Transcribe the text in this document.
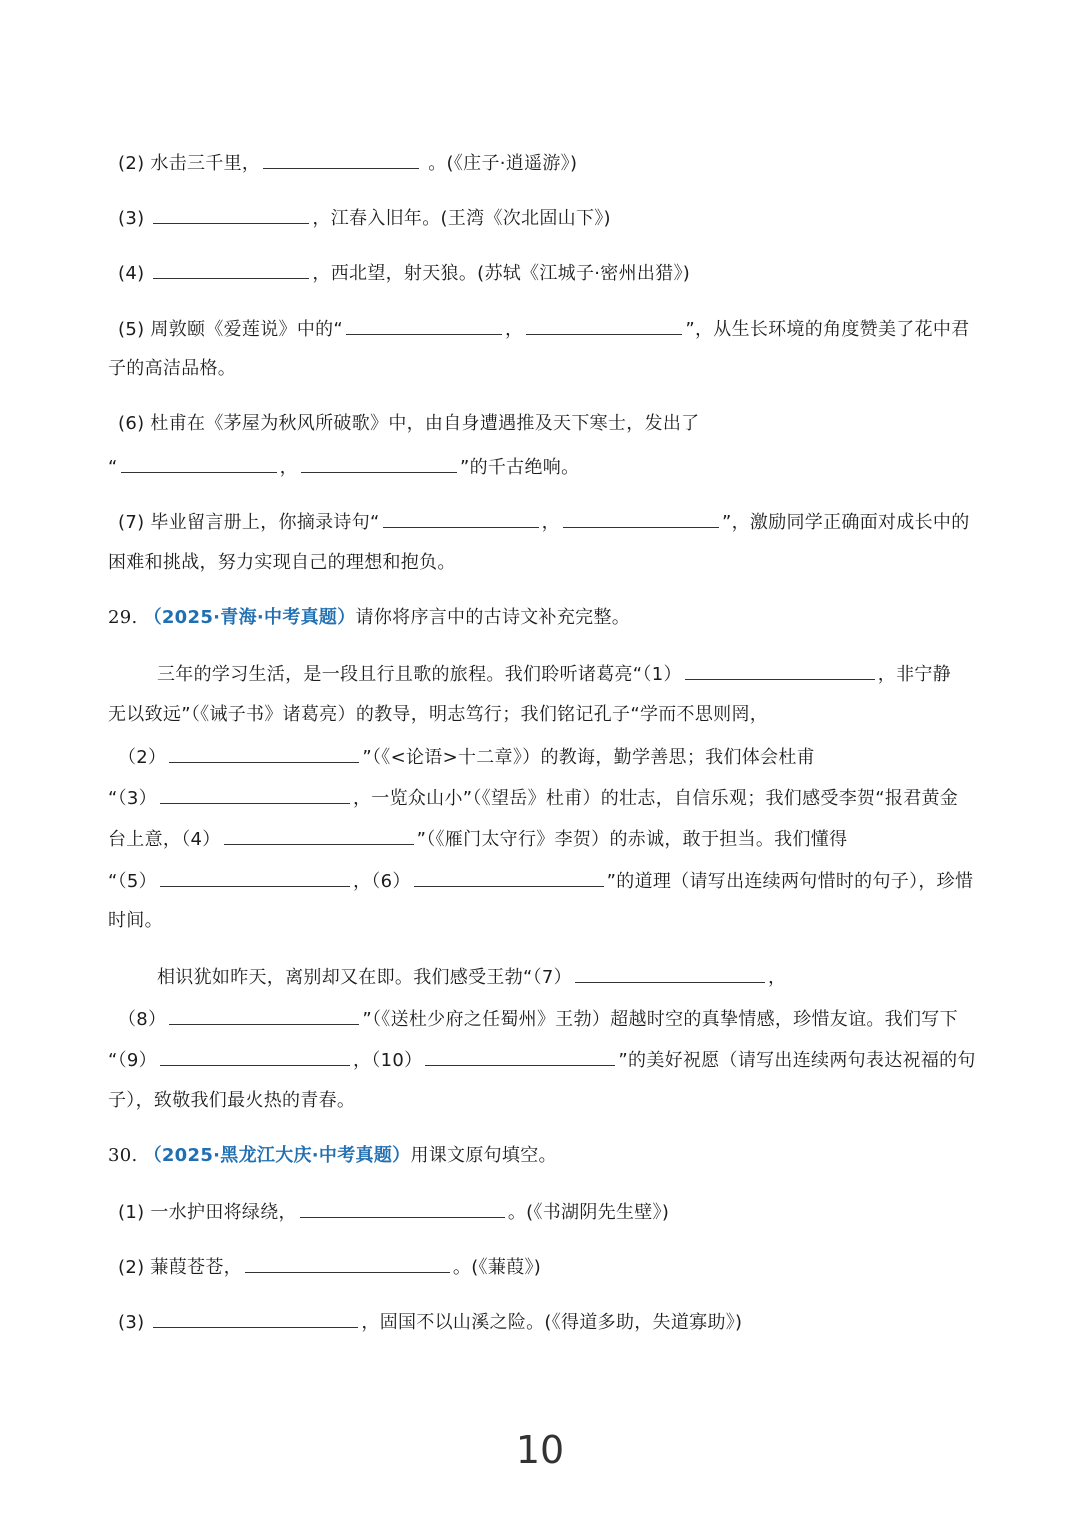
(2) 水击三千里，	。(《庄子·逍遥游》)
(3)	，江春入旧年。(王湾《次北固山下》)
(4)	，西北望，射天狼。(苏轼《江城子·密州出猎》)
(5) 周敦颐《爱莲说》中的“	，	”，从生长环境的角度赞美了花中君
子的高洁品格。
(6) 杜甫在《茅屋为秋风所破歌》中，由自身遭遇推及天下寒士，发出了
“	，	”的千古绝响。
(7) 毕业留言册上，你摘录诗句“	，	”，激励同学正确面对成长中的
困难和挑战，努力实现自己的理想和抱负。
29. （2025·青海·中考真题）请你将序言中的古诗文补充完整。
三年的学习生活，是一段且行且歌的旅程。我们聆听诸葛亮“（1）	，非宁静
无以致远”（《诫子书》诸葛亮）的教导，明志笃行；我们铭记孔子“学而不思则罔，
（2）	”（《<论语>十二章》）的教诲，勤学善思；我们体会杜甫
“（3）	，一览众山小”（《望岳》杜甫）的壮志，自信乐观；我们感受李贺“报君黄金
台上意，（4）	”（《雁门太守行》李贺）的赤诚，敢于担当。我们懂得
“（5）	，（6）	”的道理（请写出连续两句惜时的句子），珍惜
时间。
相识犹如昨天，离别却又在即。我们感受王勃“（7）	，
（8）	”（《送杜少府之任蜀州》王勃）超越时空的真挚情感，珍惜友谊。我们写下
“（9）	，（10）	”的美好祝愿（请写出连续两句表达祝福的句
子），致敬我们最火热的青春。
30. （2025·黑龙江大庆·中考真题）用课文原句填空。
(1) 一水护田将绿绕，	。(《书湖阴先生壁》)
(2) 蒹葭苍苍，	。(《蒹葭》)
(3)	，固国不以山溪之险。(《得道多助，失道寡助》)
10
